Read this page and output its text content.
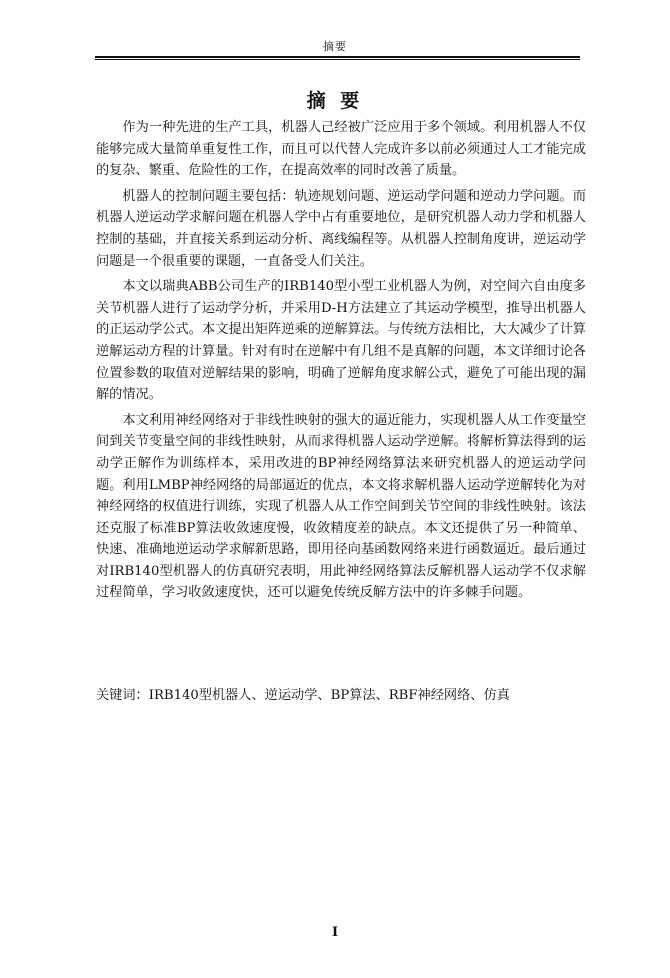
摘要
摘 要

作为一种先进的生产工具，机器人己经被广泛应用于多个领域。利用机器人不仅能够完成大量简单重复性工作，而且可以代替人完成许多以前必须通过人工才能完成的复杂、繁重、危险性的工作，在提高效率的同时改善了质量。

机器人的控制问题主要包括：轨迹规划问题、逆运动学问题和逆动力学问题。而机器人逆运动学求解问题在机器人学中占有重要地位，是研究机器人动力学和机器人控制的基础，并直接关系到运动分析、离线编程等。从机器人控制角度讲，逆运动学问题是一个很重要的课题，一直备受人们关注。

本文以瑞典ABB公司生产的IRB140型小型工业机器人为例，对空间六自由度多关节机器人进行了运动学分析，并采用D-H方法建立了其运动学模型，推导出机器人的正运动学公式。本文提出矩阵逆乘的逆解算法。与传统方法相比，大大减少了计算逆解运动方程的计算量。针对有时在逆解中有几组不是真解的问题，本文详细讨论各位置参数的取值对逆解结果的影响，明确了逆解角度求解公式，避免了可能出现的漏解的情况。

本文利用神经网络对于非线性映射的强大的逼近能力，实现机器人从工作变量空间到关节变量空间的非线性映射，从而求得机器人运动学逆解。将解析算法得到的运动学正解作为训练样本，采用改进的BP神经网络算法来研究机器人的逆运动学问题。利用LMBP神经网络的局部逼近的优点，本文将求解机器人运动学逆解转化为对神经网络的权值进行训练，实现了机器人从工作空间到关节空间的非线性映射。该法还克服了标准BP算法收敛速度慢，收敛精度差的缺点。本文还提供了另一种简单、快速、准确地逆运动学求解新思路，即用径向基函数网络来进行函数逼近。最后通过对IRB140型机器人的仿真研究表明，用此神经网络算法反解机器人运动学不仅求解过程简单，学习收敛速度快，还可以避免传统反解方法中的许多棘手问题。

关键词：IRB140型机器人、逆运动学、BP算法、RBF神经网络、仿真
I
